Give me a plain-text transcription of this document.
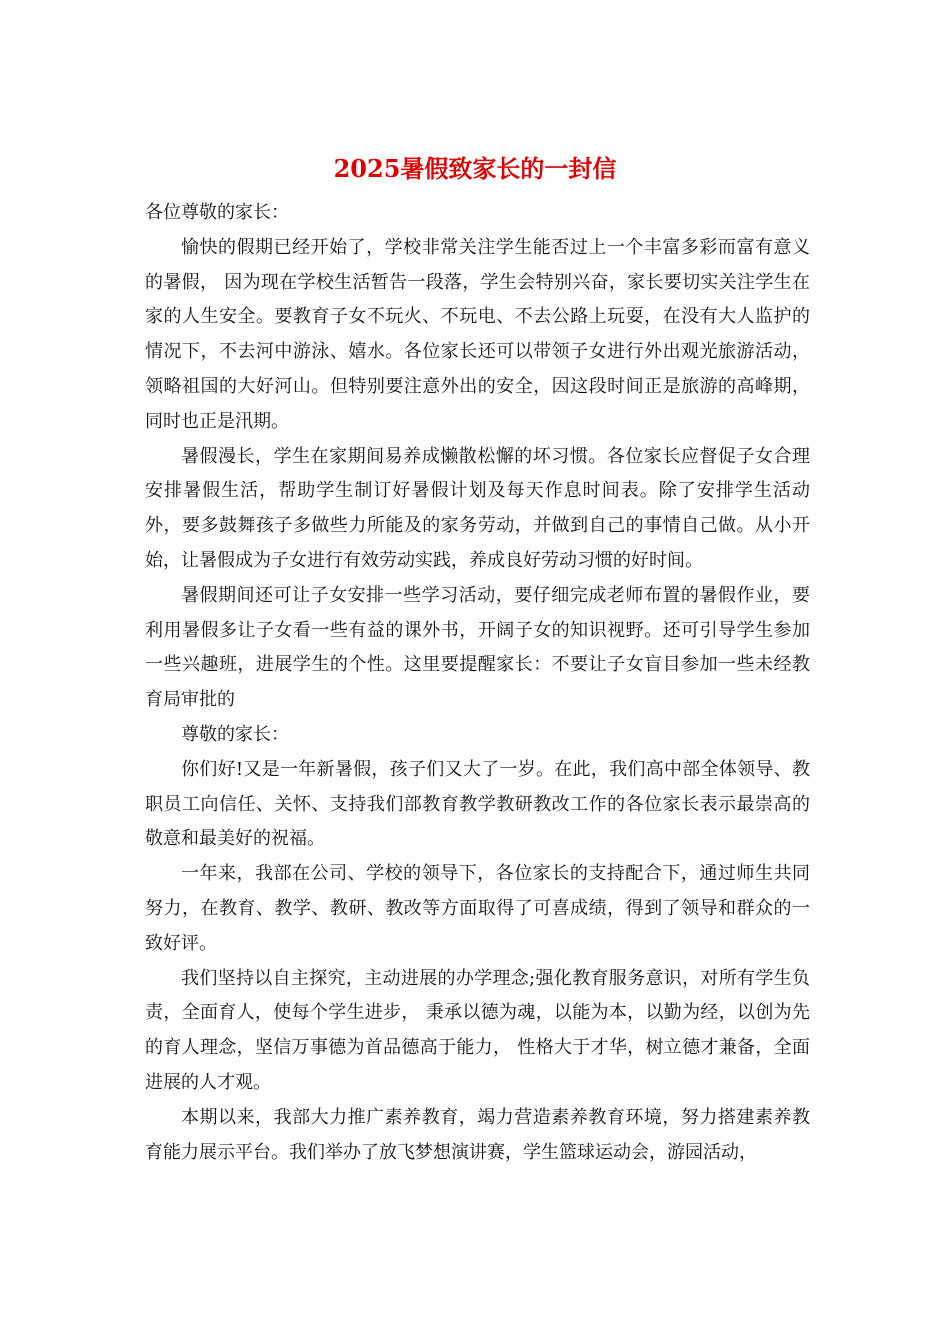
2025暑假致家长的一封信

各位尊敬的家长：

愉快的假期已经开始了，学校非常关注学生能否过上一个丰富多彩而富有意义的暑假， 因为现在学校生活暂告一段落，学生会特别兴奋，家长要切实关注学生在家的人生安全。要教育子女不玩火、不玩电、不去公路上玩耍，在没有大人监护的情况下，不去河中游泳、嬉水。各位家长还可以带领子女进行外出观光旅游活动，领略祖国的大好河山。但特别要注意外出的安全，因这段时间正是旅游的高峰期，同时也正是汛期。

暑假漫长，学生在家期间易养成懒散松懈的坏习惯。各位家长应督促子女合理安排暑假生活，帮助学生制订好暑假计划及每天作息时间表。除了安排学生活动外，要多鼓舞孩子多做些力所能及的家务劳动，并做到自己的事情自己做。从小开始，让暑假成为子女进行有效劳动实践，养成良好劳动习惯的好时间。

暑假期间还可让子女安排一些学习活动，要仔细完成老师布置的暑假作业，要利用暑假多让子女看一些有益的课外书，开阔子女的知识视野。还可引导学生参加一些兴趣班，进展学生的个性。这里要提醒家长：不要让子女盲目参加一些未经教育局审批的

尊敬的家长：

你们好!又是一年新暑假，孩子们又大了一岁。在此，我们高中部全体领导、教职员工向信任、关怀、支持我们部教育教学教研教改工作的各位家长表示最崇高的敬意和最美好的祝福。

一年来，我部在公司、学校的领导下，各位家长的支持配合下，通过师生共同努力，在教育、教学、教研、教改等方面取得了可喜成绩，得到了领导和群众的一致好评。

我们坚持以自主探究，主动进展的办学理念;强化教育服务意识，对所有学生负责，全面育人，使每个学生进步， 秉承以德为魂，以能为本，以勤为经，以创为先的育人理念，坚信万事德为首品德高于能力， 性格大于才华，树立德才兼备，全面进展的人才观。

本期以来，我部大力推广素养教育，竭力营造素养教育环境，努力搭建素养教育能力展示平台。我们举办了放飞梦想演讲赛，学生篮球运动会，游园活动，
